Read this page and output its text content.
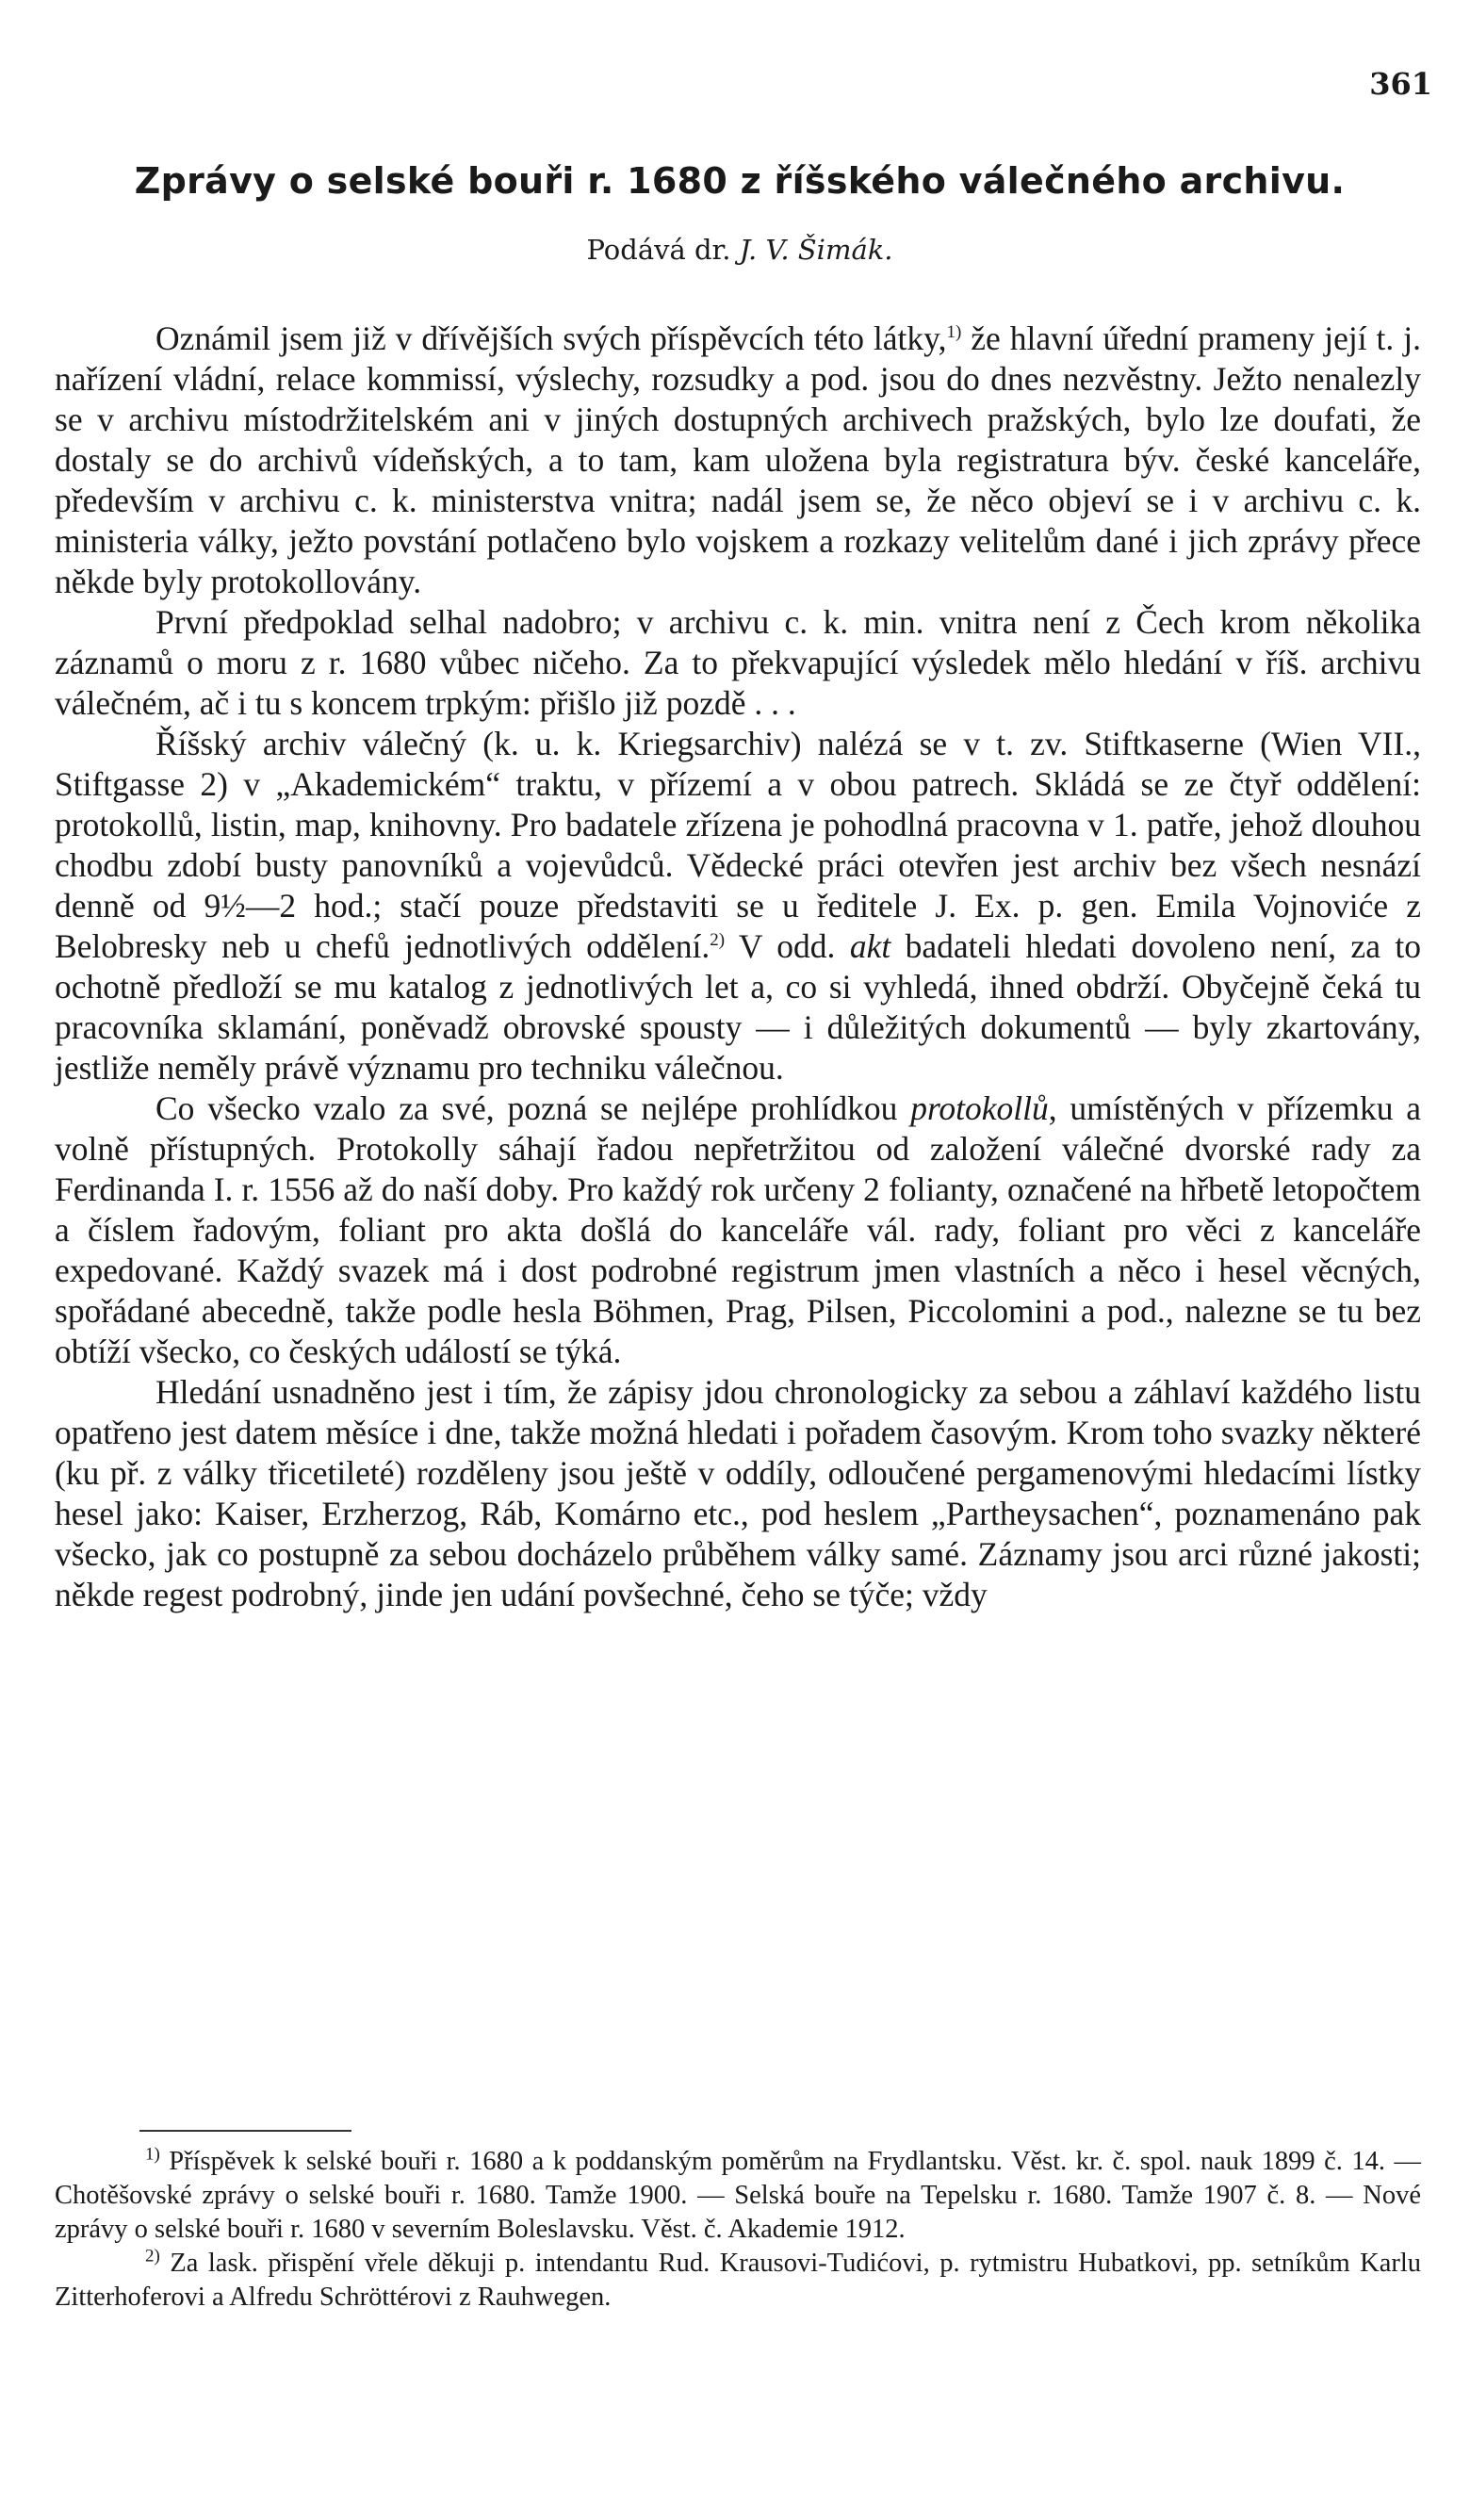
361
Zprávy o selské bouři r. 1680 z říšského válečného archivu.
Podává dr. J. V. Šimák.

Oznámil jsem již v dřívějších svých příspěvcích této látky,$^{1)}$ že hlavní úřední prameny její t. j. nařízení vládní, relace kommissí, výslechy, rozsudky a pod. jsou do dnes nezvěstny. Ježto nenalezly se v archivu místodržitelském ani v jiných dostupných archivech pražských, bylo lze doufati, že dostaly se do archivů vídeňských, a to tam, kam uložena byla registratura býv. české kanceláře, především v archivu c. k. ministerstva vnitra; nadál jsem se, že něco objeví se i v archivu c. k. ministeria války, ježto povstání potlačeno bylo vojskem a rozkazy velitelům dané i jich zprávy přece někde byly protokollovány.

První předpoklad selhal nadobro; v archivu c. k. min. vnitra není z Čech krom několika záznamů o moru z r. 1680 vůbec ničeho. Za to překvapující výsledek mělo hledání v říš. archivu válečném, ač i tu s koncem trpkým: přišlo již pozdě . . .

Říšský archiv válečný (k. u. k. Kriegsarchiv) nalézá se v t. zv. Stiftkaserne (Wien VII., Stiftgasse 2) v „Akademickém“ traktu, v přízemí a v obou patrech. Skládá se ze čtyř oddělení: protokollů, listin, map, knihovny. Pro badatele zřízena je pohodlná pracovna v 1. patře, jehož dlouhou chodbu zdobí busty panovníků a vojevůdců. Vědecké práci otevřen jest archiv bez všech nesnází denně od 9½—2 hod.; stačí pouze představiti se u ředitele J. Ex. p. gen. Emila Vojnoviće z Belobresky neb u chefů jednotlivých oddělení.$^{2)}$ V odd. akt badateli hledati dovoleno není, za to ochotně předloží se mu katalog z jednotlivých let a, co si vyhledá, ihned obdrží. Obyčejně čeká tu pracovníka sklamání, poněvadž obrovské spousty — i důležitých dokumentů — byly zkartovány, jestliže neměly právě významu pro techniku válečnou.

Co všecko vzalo za své, pozná se nejlépe prohlídkou protokollů, umístěných v přízemku a volně přístupných. Protokolly sáhají řadou nepřetržitou od založení válečné dvorské rady za Ferdinanda I. r. 1556 až do naší doby. Pro každý rok určeny 2 folianty, označené na hřbetě letopočtem a číslem řadovým, foliant pro akta došlá do kanceláře vál. rady, foliant pro věci z kanceláře expedované. Každý svazek má i dost podrobné registrum jmen vlastních a něco i hesel věcných, spořádané abecedně, takže podle hesla Böhmen, Prag, Pilsen, Piccolomini a pod., nalezne se tu bez obtíží všecko, co českých událostí se týká.

Hledání usnadněno jest i tím, že zápisy jdou chronologicky za sebou a záhlaví každého listu opatřeno jest datem měsíce i dne, takže možná hledati i pořadem časovým. Krom toho svazky některé (ku př. z války třicetileté) rozděleny jsou ještě v oddíly, odloučené pergamenovými hledacími lístky hesel jako: Kaiser, Erzherzog, Ráb, Komárno etc., pod heslem „Partheysachen“, poznamenáno pak všecko, jak co postupně za sebou docházelo průběhem války samé. Záznamy jsou arci různé jakosti; někde regest podrobný, jinde jen udání povšechné, čeho se týče; vždy

$^{1)}$ Příspěvek k selské bouři r. 1680 a k poddanským poměrům na Frydlantsku. Věst. kr. č. spol. nauk 1899 č. 14. — Chotěšovské zprávy o selské bouři r. 1680. Tamže 1900. — Selská bouře na Tepelsku r. 1680. Tamže 1907 č. 8. — Nové zprávy o selské bouři r. 1680 v severním Boleslavsku. Věst. č. Akademie 1912.

$^{2)}$ Za lask. přispění vřele děkuji p. intendantu Rud. Krausovi-Tudićovi, p. rytmistru Hubatkovi, pp. setníkům Karlu Zitterhoferovi a Alfredu Schröttérovi z Rauhwegen.
